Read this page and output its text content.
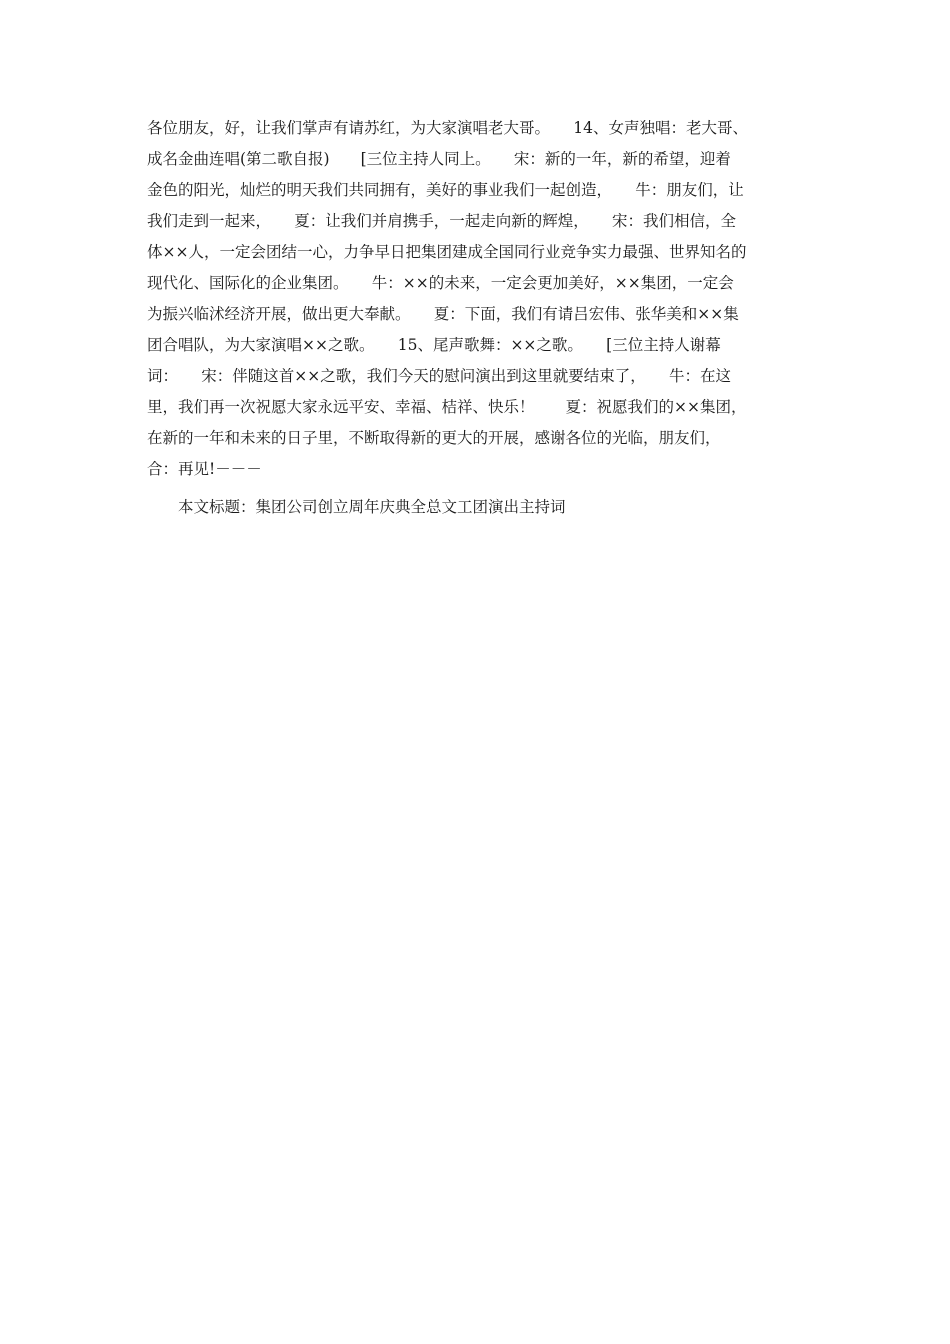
各位朋友，好，让我们掌声有请苏红，为大家演唱老大哥。　　14、女声独唱：老大哥、
成名金曲连唱(第二歌自报)　　[三位主持人同上。　　宋：新的一年，新的希望，迎着
金色的阳光，灿烂的明天我们共同拥有，美好的事业我们一起创造，　　牛：朋友们，让
我们走到一起来，　　夏：让我们并肩携手，一起走向新的辉煌，　　宋：我们相信，全
体××人，一定会团结一心，力争早日把集团建成全国同行业竞争实力最强、世界知名的
现代化、国际化的企业集团。　　牛：××的未来，一定会更加美好，××集团，一定会
为振兴临沭经济开展，做出更大奉献。　　夏：下面，我们有请吕宏伟、张华美和××集
团合唱队，为大家演唱××之歌。　　15、尾声歌舞：××之歌。　　[三位主持人谢幕
词：　　宋：伴随这首××之歌，我们今天的慰问演出到这里就要结束了，　　牛：在这
里，我们再一次祝愿大家永远平安、幸福、桔祥、快乐！　　夏：祝愿我们的××集团，
在新的一年和未来的日子里，不断取得新的更大的开展，感谢各位的光临，朋友们，
合：再见!－－－
本文标题：集团公司创立周年庆典全总文工团演出主持词
